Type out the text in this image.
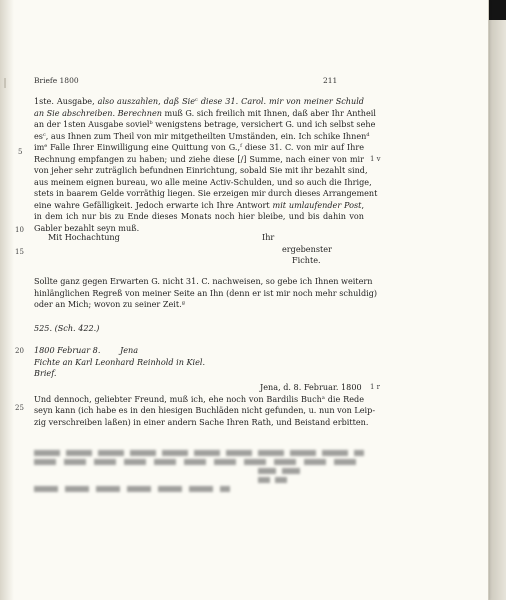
Briefe 1800	211
1ste. Ausgabe, also auszahlen, daß Sie$^c$ diese 31. Carol. mir von meiner Schuld
an Sie abschreiben. Berechnen muß G. sich freilich mit Ihnen, daß aber Ihr Antheil
an der 1sten Ausgabe soviel$^b$ wenigstens betrage, versichert G. und ich selbst sehe
$es^c$, aus Ihnen zum Theil von mir mitgetheilten Umständen, ein. Ich schike Ihnen$^d$
$im^e$ Falle Ihrer Einwilligung eine Quittung von G.,$^f$ diese 31. C. von mir auf Ihre
Rechnung empfangen zu haben; und ziehe diese [/] Summe, nach einer von mir
von jeher sehr zuträglich befundnen Einrichtung, sobald Sie mit ihr bezahlt sind,
aus meinem eignen bureau, wo alle meine Activ-Schulden, und so auch die Ihrige,
stets in baarem Gelde vorräthig liegen. Sie erzeigen mir durch dieses Arrangement
eine wahre Gefälligkeit. Jedoch erwarte ich Ihre Antwort mit umlaufender Post,
in dem ich nur bis zu Ende dieses Monats noch hier bleibe, und bis dahin von
Gabler bezahlt seyn muß.
Mit Hochachtung	Ihr
ergebenster
Fichte.
Sollte ganz gegen Erwarten G. nicht 31. C. nachweisen, so gebe ich Ihnen weitern
hinlänglichen Regreß von meiner Seite an Ihn (denn er ist mir noch mehr schuldig)
oder an Mich; wovon zu seiner Zeit.$^g$
525. (Sch. 422.)
1800 Februar 8. Jena
Fichte an Karl Leonhard Reinhold in Kiel.
Brief.
Jena, d. 8. Februar. 1800
Und dennoch, geliebter Freund, muß ich, ehe noch von Bardilis Buch$^a$ die Rede
seyn kann (ich habe es in den hiesigen Buchläden nicht gefunden, u. nun von Leip-
zig verschreiben laßen) in einer andern Sache Ihren Rath, und Beistand erbitten.
5
10
15
20
25
1 v
1 r
